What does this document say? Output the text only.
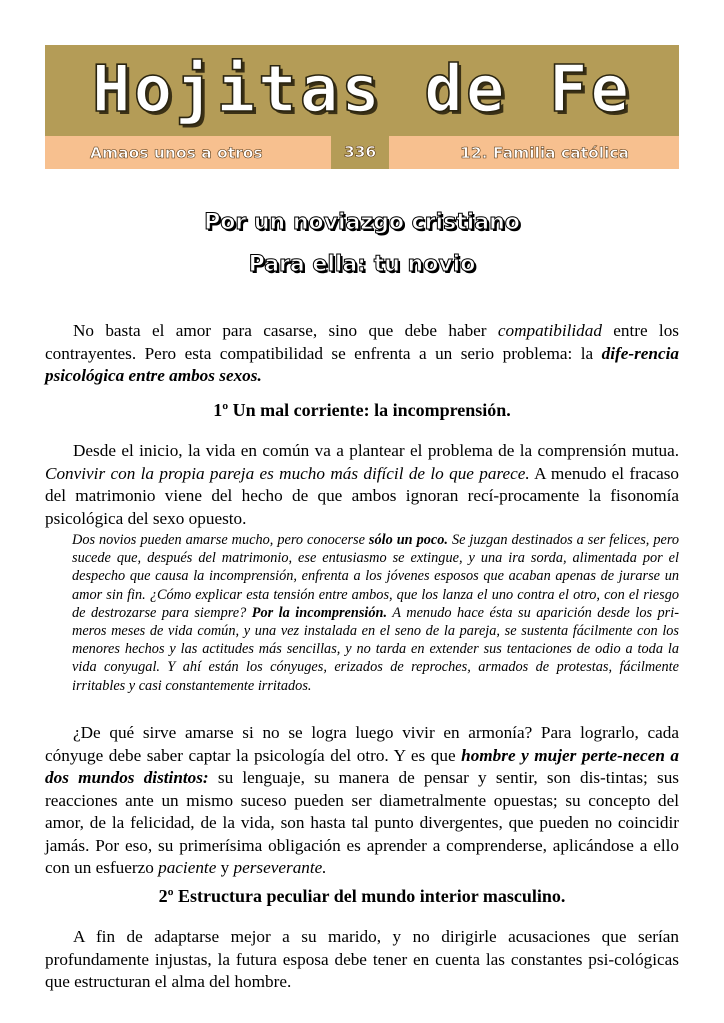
Hojitas de Fe
Amaos unos a otros	336	12. Familia católica
Por un noviazgo cristiano
Para ella: tu novio

No basta el amor para casarse, sino que debe haber compatibilidad entre los contrayentes. Pero esta compatibilidad se enfrenta a un serio problema: la dife-rencia psicológica entre ambos sexos.

1º Un mal corriente: la incomprensión.

Desde el inicio, la vida en común va a plantear el problema de la comprensión mutua. Convivir con la propia pareja es mucho más difícil de lo que parece. A menudo el fracaso del matrimonio viene del hecho de que ambos ignoran recí-procamente la fisonomía psicológica del sexo opuesto.

Dos novios pueden amarse mucho, pero conocerse sólo un poco. Se juzgan destinados a ser felices, pero sucede que, después del matrimonio, ese entusiasmo se extingue, y una ira sorda, alimentada por el despecho que causa la incomprensión, enfrenta a los jóvenes esposos que acaban apenas de jurarse un amor sin fin. ¿Cómo explicar esta tensión entre ambos, que los lanza el uno contra el otro, con el riesgo de destrozarse para siempre? Por la incomprensión. A menudo hace ésta su aparición desde los pri-meros meses de vida común, y una vez instalada en el seno de la pareja, se sustenta fácilmente con los menores hechos y las actitudes más sencillas, y no tarda en extender sus tentaciones de odio a toda la vida conyugal. Y ahí están los cónyuges, erizados de reproches, armados de protestas, fácilmente irritables y casi constantemente irritados.

¿De qué sirve amarse si no se logra luego vivir en armonía? Para lograrlo, cada cónyuge debe saber captar la psicología del otro. Y es que hombre y mujer perte-necen a dos mundos distintos: su lenguaje, su manera de pensar y sentir, son dis-tintas; sus reacciones ante un mismo suceso pueden ser diametralmente opuestas; su concepto del amor, de la felicidad, de la vida, son hasta tal punto divergentes, que pueden no coincidir jamás. Por eso, su primerísima obligación es aprender a comprenderse, aplicándose a ello con un esfuerzo paciente y perseverante.

2º Estructura peculiar del mundo interior masculino.

A fin de adaptarse mejor a su marido, y no dirigirle acusaciones que serían profundamente injustas, la futura esposa debe tener en cuenta las constantes psi-cológicas que estructuran el alma del hombre.
